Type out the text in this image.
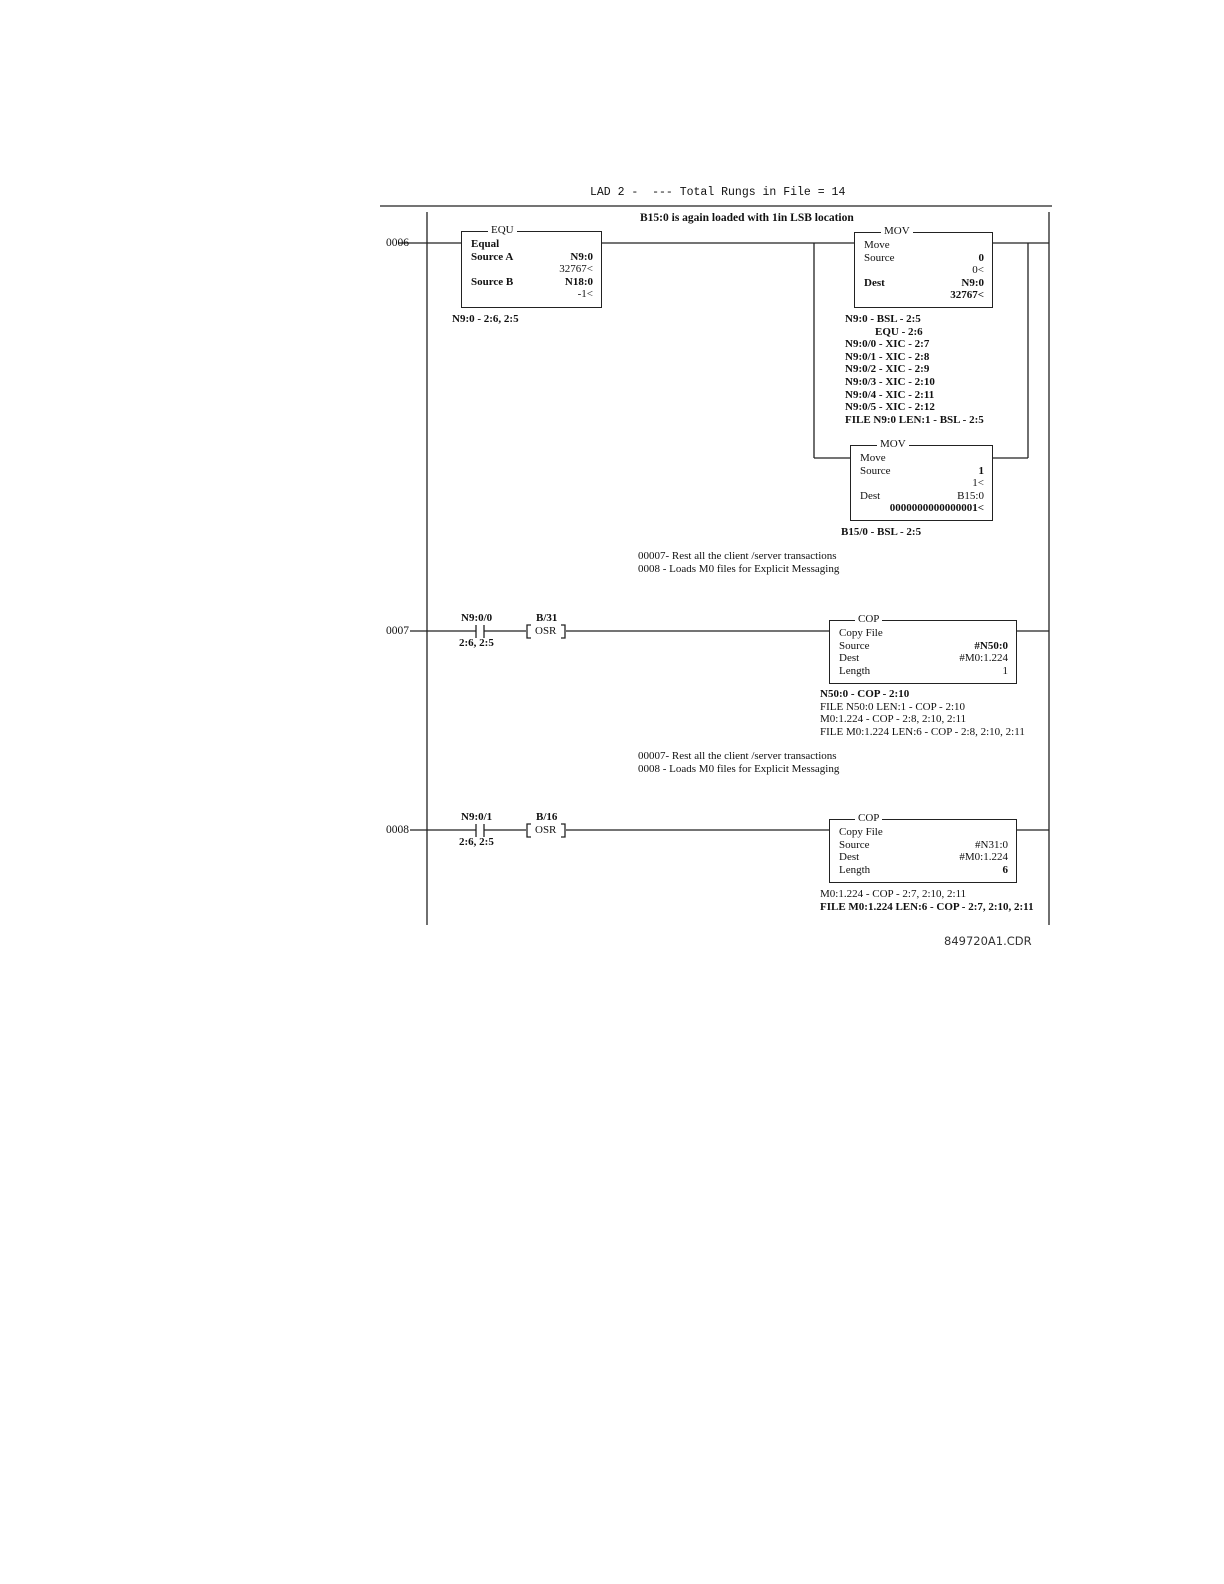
LAD 2 -  --- Total Rungs in File = 14
0006
B15:0 is again loaded with 1in LSB location
EQU
Equal
Source A	N9:0
32767<
Source B	N18:0
-1<
N9:0 - 2:6, 2:5
MOV
Move
Source	0
0<
Dest	N9:0
32767<
N9:0 - BSL - 2:5
EQU - 2:6
N9:0/0 - XIC - 2:7
N9:0/1 - XIC - 2:8
N9:0/2 - XIC - 2:9
N9:0/3 - XIC - 2:10
N9:0/4 - XIC - 2:11
N9:0/5 - XIC - 2:12
FILE N9:0 LEN:1 - BSL - 2:5
MOV
Move
Source	1
1<
Dest	B15:0
0000000000000001<
B15/0 - BSL - 2:5
00007- Rest all the client /server transactions
0008 - Loads M0 files for Explicit Messaging
0007
N9:0/0
2:6, 2:5
B/31
OSR
COP
Copy File
Source	#N50:0
Dest	#M0:1.224
Length	1
N50:0 - COP - 2:10
FILE N50:0 LEN:1 - COP - 2:10
M0:1.224 - COP - 2:8, 2:10, 2:11
FILE M0:1.224 LEN:6 - COP - 2:8, 2:10, 2:11
00007- Rest all the client /server transactions
0008 - Loads M0 files for Explicit Messaging
0008
N9:0/1
2:6, 2:5
B/16
OSR
COP
Copy File
Source	#N31:0
Dest	#M0:1.224
Length	6
M0:1.224 - COP - 2:7, 2:10, 2:11
FILE M0:1.224 LEN:6 - COP - 2:7, 2:10, 2:11
849720A1.CDR
